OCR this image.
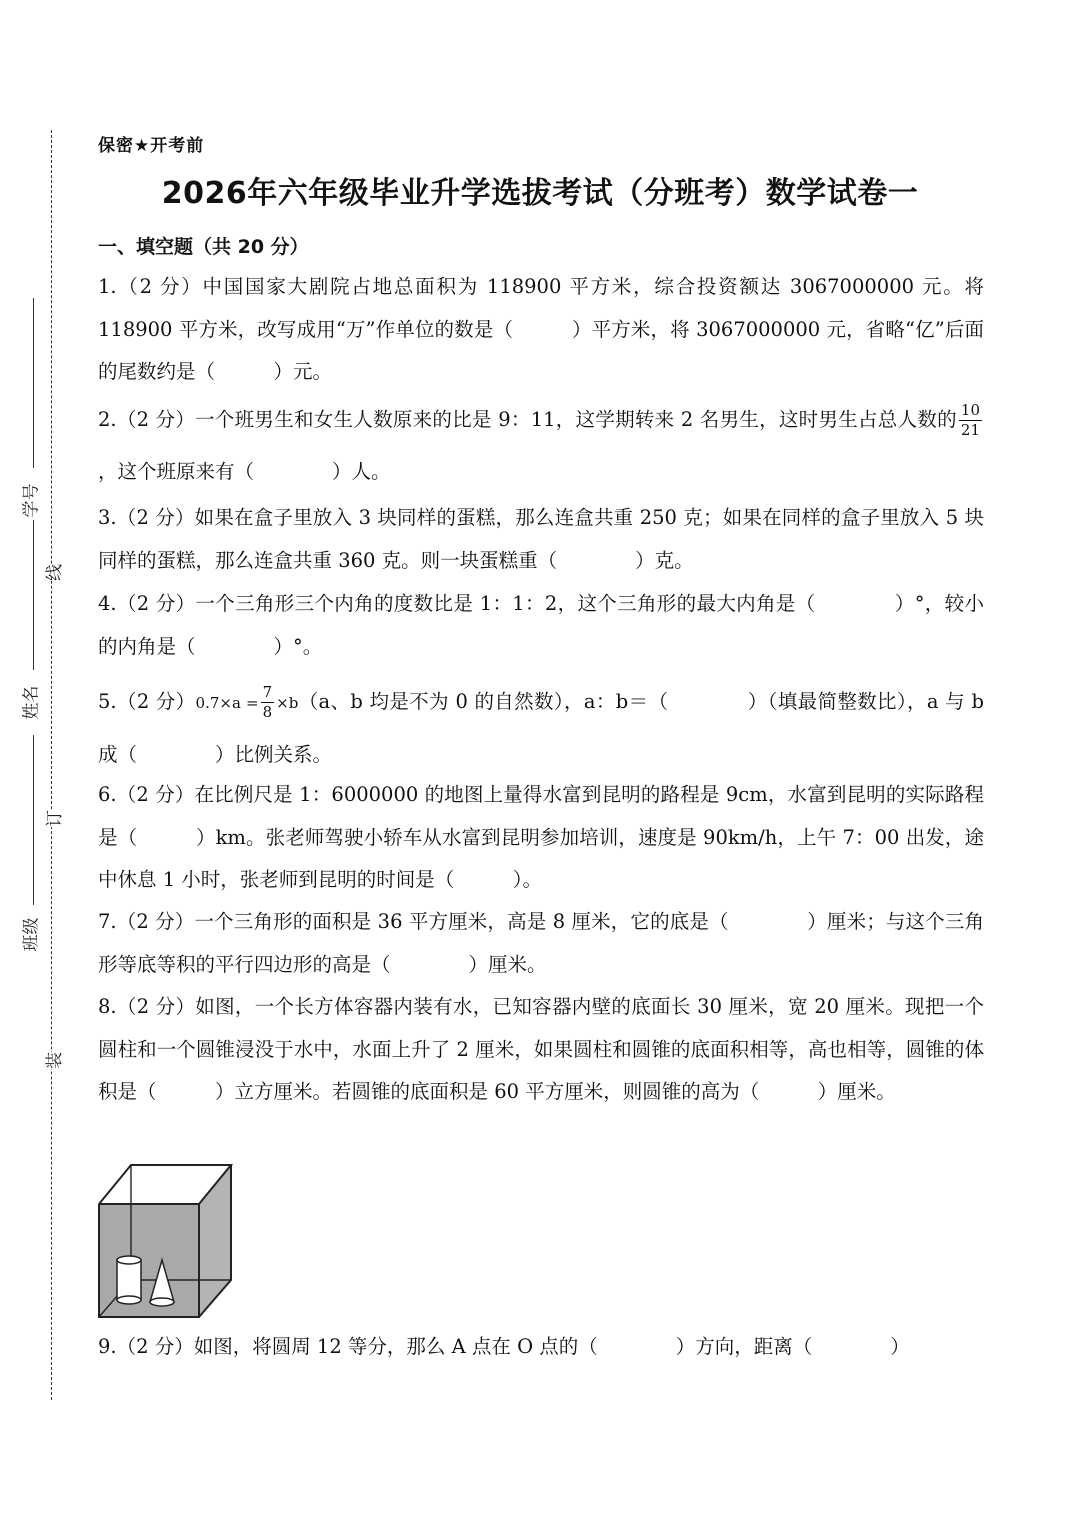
学号
姓名
班级
线
订
装
保密★开考前
2026年六年级毕业升学选拔考试（分班考）数学试卷一
一、填空题（共 20 分）
1.（2 分）中国国家大剧院占地总面积为 118900 平方米，综合投资额达 3067000000 元。将 118900 平方米，改写成用“万”作单位的数是（　　　）平方米，将 3067000000 元，省略“亿”后面的尾数约是（　　　）元。
2.（2 分）一个班男生和女生人数原来的比是 9：11，这学期转来 2 名男生，这时男生占总人数的 $\frac{10}{21}$
，这个班原来有（　　　　）人。
3.（2 分）如果在盒子里放入 3 块同样的蛋糕，那么连盒共重 250 克；如果在同样的盒子里放入 5 块同样的蛋糕，那么连盒共重 360 克。则一块蛋糕重（　　　　）克。
4.（2 分）一个三角形三个内角的度数比是 1：1：2，这个三角形的最大内角是（　　　　）°，较小的内角是（　　　　）°。
5.（2 分）$0.7\times a = \frac{7}{8} \times b(a$、b 均是不为 0 的自然数），a：b＝（　　　　）（填最简整数比），a 与 b 成（　　　　）比例关系。
6.（2 分）在比例尺是 1：6000000 的地图上量得水富到昆明的路程是 9cm，水富到昆明的实际路程是（　　　）km。张老师驾驶小轿车从水富到昆明参加培训，速度是 90km/h，上午 7：00 出发，途中休息 1 小时，张老师到昆明的时间是（　　　）。
7.（2 分）一个三角形的面积是 36 平方厘米，高是 8 厘米，它的底是（　　　　）厘米；与这个三角形等底等积的平行四边形的高是（　　　　）厘米。
8.（2 分）如图，一个长方体容器内装有水，已知容器内壁的底面长 30 厘米，宽 20 厘米。现把一个圆柱和一个圆锥浸没于水中，水面上升了 2 厘米，如果圆柱和圆锥的底面积相等，高也相等，圆锥的体积是（　　　）立方厘米。若圆锥的底面积是 60 平方厘米，则圆锥的高为（　　　）厘米。
9.（2 分）如图，将圆周 12 等分，那么 A 点在 O 点的（　　　　）方向，距离（　　　　）
